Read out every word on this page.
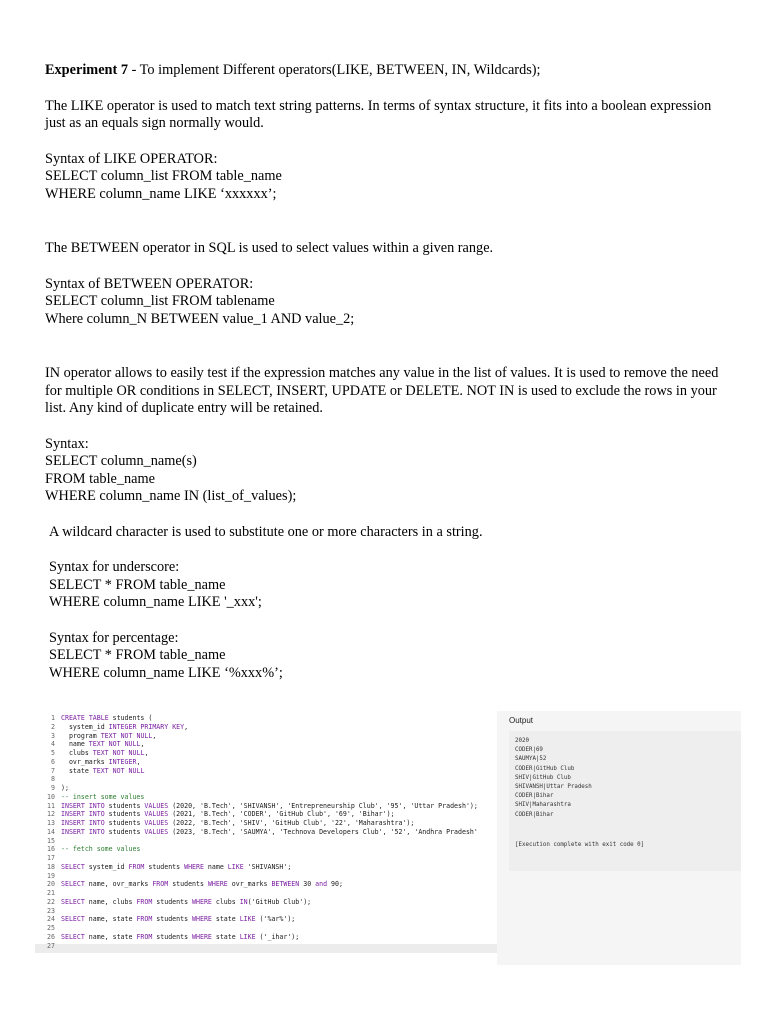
Experiment 7 - To implement Different operators(LIKE, BETWEEN, IN, Wildcards);

The LIKE operator is used to match text string patterns. In terms of syntax structure, it fits into a boolean expression just as an equals sign normally would.

Syntax of LIKE OPERATOR:

SELECT column_list FROM table_name

WHERE column_name LIKE ‘xxxxxx’;

The BETWEEN operator in SQL is used to select values within a given range.

Syntax of BETWEEN OPERATOR:

SELECT column_list FROM tablename

Where column_N BETWEEN value_1 AND value_2;

IN operator allows to easily test if the expression matches any value in the list of values. It is used to remove the need for multiple OR conditions in SELECT, INSERT, UPDATE or DELETE. NOT IN is used to exclude the rows in your list. Any kind of duplicate entry will be retained.

Syntax:

SELECT column_name(s)

FROM table_name

WHERE column_name IN (list_of_values);

A wildcard character is used to substitute one or more characters in a string.

Syntax for underscore:

SELECT * FROM table_name

WHERE column_name LIKE '_xxx';

Syntax for percentage:

SELECT * FROM table_name

WHERE column_name LIKE ‘%xxx%’;

1
2
3
4
5
6
7
8
9
10
11
12
13
14
15
16
17
18
19
20
21
22
23
24
25
26
27
CREATE TABLE students (
system_id INTEGER PRIMARY KEY,
program TEXT NOT NULL,
name TEXT NOT NULL,
clubs TEXT NOT NULL,
ovr_marks INTEGER,
state TEXT NOT NULL
);
-- insert some values
INSERT INTO students VALUES (2020, 'B.Tech', 'SHIVANSH', 'Entrepreneurship Club', '95', 'Uttar Pradesh');
INSERT INTO students VALUES (2021, 'B.Tech', 'CODER', 'GitHub Club', '69', 'Bihar');
INSERT INTO students VALUES (2022, 'B.Tech', 'SHIV', 'GitHub Club', '22', 'Maharashtra');
INSERT INTO students VALUES (2023, 'B.Tech', 'SAUMYA', 'Technova Developers Club', '52', 'Andhra Pradesh'
-- fetch some values
SELECT system_id FROM students WHERE name LIKE 'SHIVANSH';
SELECT name, ovr_marks FROM students WHERE ovr_marks BETWEEN 30 and 90;
SELECT name, clubs FROM students WHERE clubs IN('GitHub Club');
SELECT name, state FROM students WHERE state LIKE ('%ar%');
SELECT name, state FROM students WHERE state LIKE ('_ihar');
Output
2020
CODER|69
SAUMYA|52
CODER|GitHub Club
SHIV|GitHub Club
SHIVANSH|Uttar Pradesh
CODER|Bihar
SHIV|Maharashtra
CODER|Bihar
[Execution complete with exit code 0]
